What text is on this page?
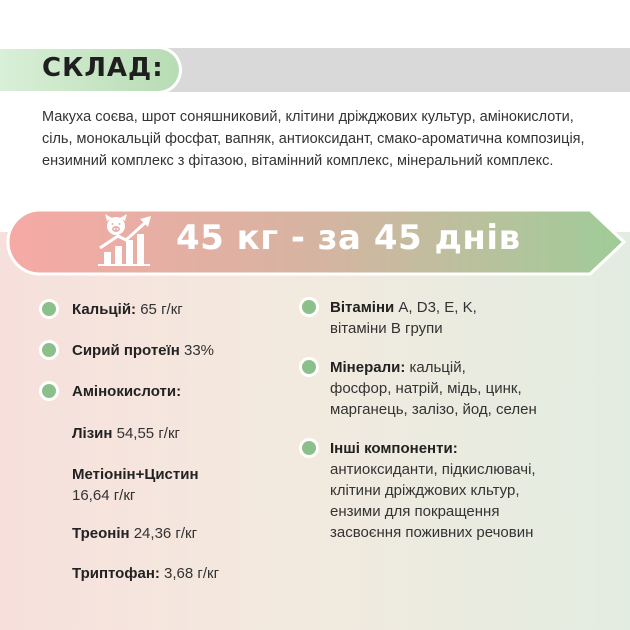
СКЛАД:

Макуха соєва, шрот соняшниковий, клітини дріжджових культур, амінокислоти, сіль, монокальцій фосфат, вапняк, антиоксидант, смако-ароматична композиція, ензимний комплекс з фітазою, вітамінний комплекс, мінеральний комплекс.

45 кг - за 45 днів
Кальцій: 65 г/кг
Сирий протеїн 33%
Амінокислоти:
Лізин 54,55 г/кг
Метіонін+Цистин
16,64 г/кг
Треонін 24,36 г/кг
Триптофан: 3,68 г/кг
Вітаміни A, D3, E, K,
вітаміни B групи
Мінерали: кальцій,
фосфор, натрій, мідь, цинк,
марганець, залізо, йод, селен
Інші компоненти:
антиоксиданти, підкислювачі,
клітини дріжджових кльтур,
ензими для покращення
засвоєння поживних речовин
